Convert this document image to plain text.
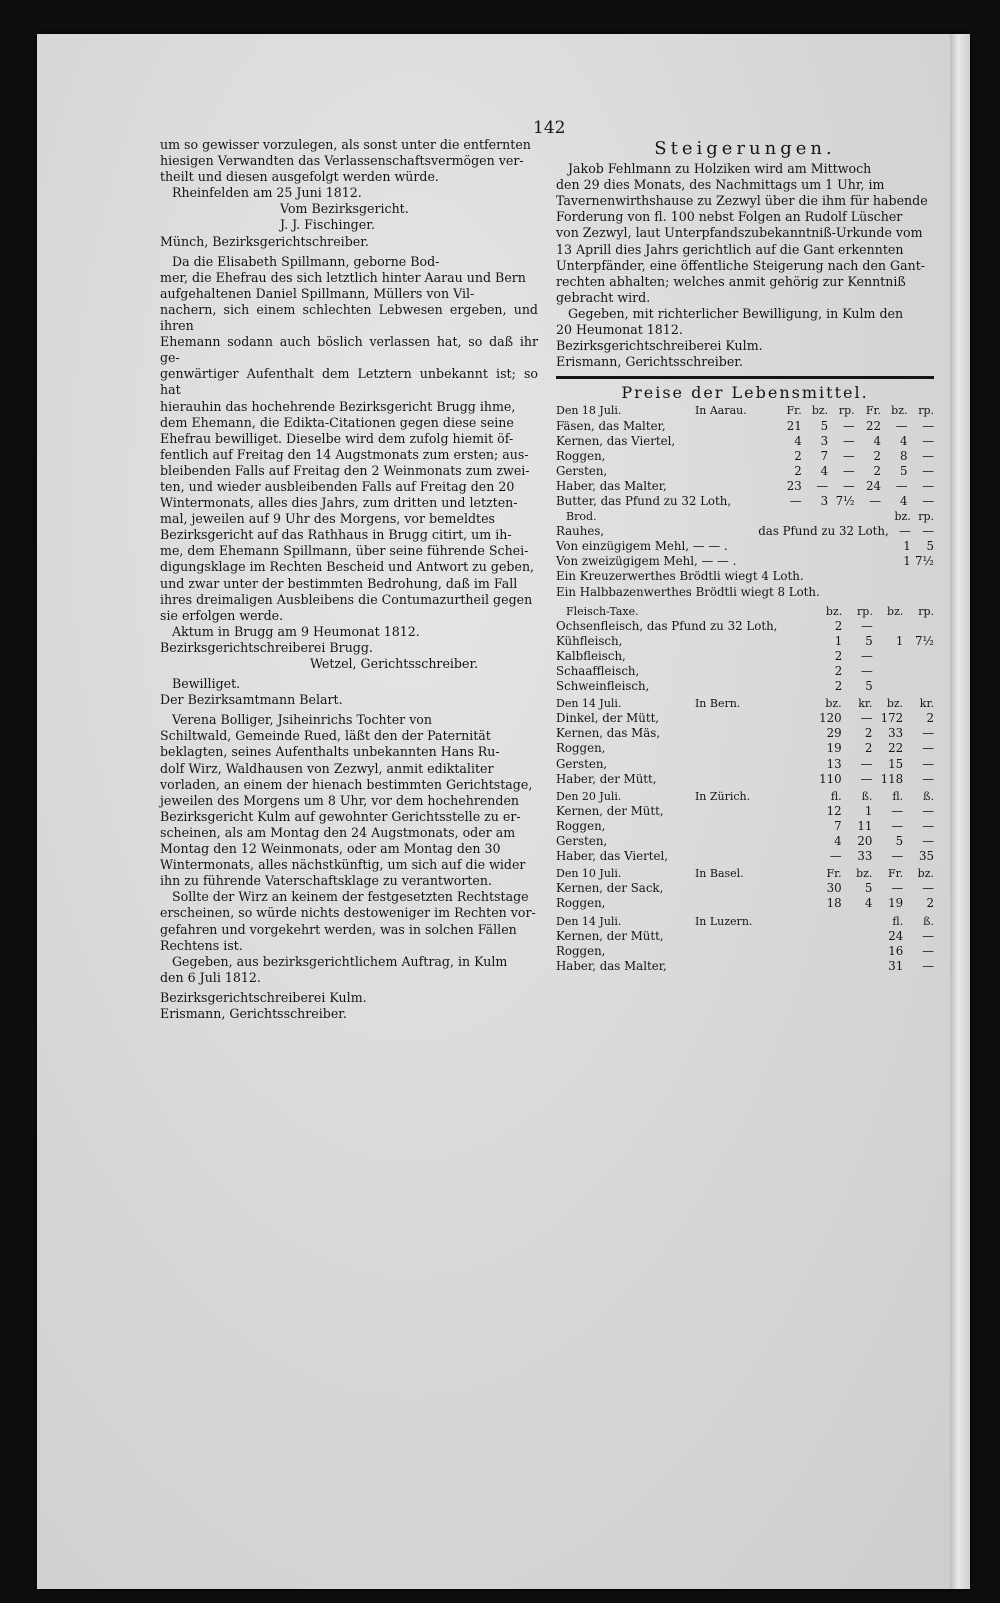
142

um so gewisser vorzulegen, als sonst unter die entfernten

hiesigen Verwandten das Verlassenschaftsvermögen ver-

theilt und diesen ausgefolgt werden würde.

Rheinfelden am 25 Juni 1812.

Vom Bezirksgericht.

J. J. Fischinger.

Münch, Bezirksgerichtschreiber.

Da die Elisabeth Spillmann, geborne Bod-

mer, die Ehefrau des sich letztlich hinter Aarau und Bern

aufgehaltenen Daniel Spillmann, Müllers von Vil-

nachern, sich einem schlechten Lebwesen ergeben, und ihren

Ehemann sodann auch böslich verlassen hat, so daß ihr ge-

genwärtiger Aufenthalt dem Letztern unbekannt ist; so hat

hierauhin das hochehrende Bezirksgericht Brugg ihme,

dem Ehemann, die Edikta-Citationen gegen diese seine

Ehefrau bewilliget. Dieselbe wird dem zufolg hiemit öf-

fentlich auf Freitag den 14 Augstmonats zum ersten; aus-

bleibenden Falls auf Freitag den 2 Weinmonats zum zwei-

ten, und wieder ausbleibenden Falls auf Freitag den 20

Wintermonats, alles dies Jahrs, zum dritten und letzten-

mal, jeweilen auf 9 Uhr des Morgens, vor bemeldtes

Bezirksgericht auf das Rathhaus in Brugg citirt, um ih-

me, dem Ehemann Spillmann, über seine führende Schei-

digungsklage im Rechten Bescheid und Antwort zu geben,

und zwar unter der bestimmten Bedrohung, daß im Fall

ihres dreimaligen Ausbleibens die Contumazurtheil gegen

sie erfolgen werde.

Aktum in Brugg am 9 Heumonat 1812.

Bezirksgerichtschreiberei Brugg.

Wetzel, Gerichtsschreiber.

Bewilliget.

Der Bezirksamtmann Belart.

Verena Bolliger, Jsiheinrichs Tochter von

Schiltwald, Gemeinde Rued, läßt den der Paternität

beklagten, seines Aufenthalts unbekannten Hans Ru-

dolf Wirz, Waldhausen von Zezwyl, anmit ediktaliter

vorladen, an einem der hienach bestimmten Gerichtstage,

jeweilen des Morgens um 8 Uhr, vor dem hochehrenden

Bezirksgericht Kulm auf gewohnter Gerichtsstelle zu er-

scheinen, als am Montag den 24 Augstmonats, oder am

Montag den 12 Weinmonats, oder am Montag den 30

Wintermonats, alles nächstkünftig, um sich auf die wider

ihn zu führende Vaterschaftsklage zu verantworten.

Sollte der Wirz an keinem der festgesetzten Rechtstage

erscheinen, so würde nichts destoweniger im Rechten vor-

gefahren und vorgekehrt werden, was in solchen Fällen

Rechtens ist.

Gegeben, aus bezirksgerichtlichem Auftrag, in Kulm

den 6 Juli 1812.

Bezirksgerichtschreiberei Kulm.

Erismann, Gerichtsschreiber.

Steigerungen.

Jakob Fehlmann zu Holziken wird am Mittwoch

den 29 dies Monats, des Nachmittags um 1 Uhr, im

Tavernenwirthshause zu Zezwyl über die ihm für habende

Forderung von fl. 100 nebst Folgen an Rudolf Lüscher

von Zezwyl, laut Unterpfandszubekanntniß-Urkunde vom

13 Aprill dies Jahrs gerichtlich auf die Gant erkennten

Unterpfänder, eine öffentliche Steigerung nach den Gant-

rechten abhalten; welches anmit gehörig zur Kenntniß

gebracht wird.

Gegeben, mit richterlicher Bewilligung, in Kulm den

20 Heumonat 1812.

Bezirksgerichtschreiberei Kulm.

Erismann, Gerichtsschreiber.

Preise der Lebensmittel.
Den 18 Juli. In Aarau.	Fr.	bz.	rp.	Fr.	bz.	rp.
Fäsen, das Malter,	21	5	—	22	—	—
Kernen, das Viertel,	4	3	—	4	4	—
Roggen,	2	7	—	2	8	—
Gersten,	2	4	—	2	5	—
Haber, das Malter,	23	—	—	24	—	—
Butter, das Pfund zu 32 Loth,	—	3	7½	—	4	—
Brod.		bz.	rp.
Rauhes,	das Pfund zu 32 Loth,	—	—
Von einzügigem Mehl, — — .		1	5
Von zweizügigem Mehl, — — .		1	7½
Ein Kreuzerwerthes Brödtli wiegt 4 Loth.			
Ein Halbbazenwerthes Brödtli wiegt 8 Loth.			
Fleisch-Taxe.	bz.	rp.	bz.	rp.
Ochsenfleisch, das Pfund zu 32 Loth,	2	—		
Kühfleisch,	1	5	1	7½
Kalbfleisch,	2	—		
Schaaffleisch,	2	—		
Schweinfleisch,	2	5		
Den 14 Juli. In Bern.	bz.	kr.	bz.	kr.
Dinkel, der Mütt,	120	—	172	2
Kernen, das Mäs,	29	2	33	—
Roggen,	19	2	22	—
Gersten,	13	—	15	—
Haber, der Mütt,	110	—	118	—
Den 20 Juli. In Zürich.	fl.	ß.	fl.	ß.
Kernen, der Mütt,	12	1	—	—
Roggen,	7	11	—	—
Gersten,	4	20	5	—
Haber, das Viertel,	—	33	—	35
Den 10 Juli. In Basel.	Fr.	bz.	Fr.	bz.
Kernen, der Sack,	30	5	—	—
Roggen,	18	4	19	2
Den 14 Juli. In Luzern.		fl.	ß.
Kernen, der Mütt,		24	—
Roggen,		16	—
Haber, das Malter,		31	—
